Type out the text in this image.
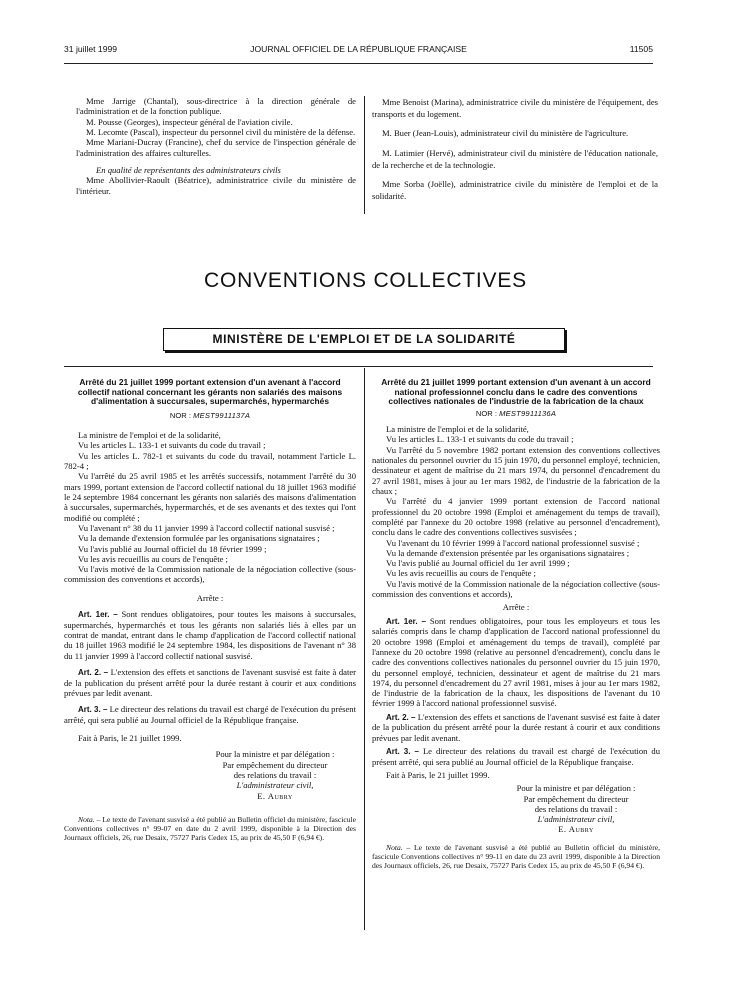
31 juillet 1999	JOURNAL OFFICIEL DE LA RÉPUBLIQUE FRANÇAISE	11505

Mme Jarrige (Chantal), sous-directrice à la direction générale de l'administration et de la fonction publique.

M. Pousse (Georges), inspecteur général de l'aviation civile.

M. Lecomte (Pascal), inspecteur du personnel civil du ministère de la défense.

Mme Mariani-Ducray (Francine), chef du service de l'inspection générale de l'administration des affaires culturelles.

En qualité de représentants des administrateurs civils

Mme Abollivier-Raoult (Béatrice), administratrice civile du ministère de l'intérieur.

Mme Benoist (Marina), administratrice civile du ministère de l'équipement, des transports et du logement.

M. Buer (Jean-Louis), administrateur civil du ministère de l'agriculture.

M. Latimier (Hervé), administrateur civil du ministère de l'éducation nationale, de la recherche et de la technologie.

Mme Sorba (Joëlle), administratrice civile du ministère de l'emploi et de la solidarité.

CONVENTIONS COLLECTIVES
MINISTÈRE DE L'EMPLOI ET DE LA SOLIDARITÉ
Arrêté du 21 juillet 1999 portant extension d'un avenant à l'accord collectif national concernant les gérants non salariés des maisons d'alimentation à succursales, supermarchés, hypermarchés
NOR : MEST9911137A

La ministre de l'emploi et de la solidarité,

Vu les articles L. 133-1 et suivants du code du travail ;

Vu les articles L. 782-1 et suivants du code du travail, notamment l'article L. 782-4 ;

Vu l'arrêté du 25 avril 1985 et les arrêtés successifs, notamment l'arrêté du 30 mars 1999, portant extension de l'accord collectif national du 18 juillet 1963 modifié le 24 septembre 1984 concernant les gérants non salariés des maisons d'alimentation à succursales, supermarchés, hypermarchés, et de ses avenants et des textes qui l'ont modifié ou complété ;

Vu l'avenant n° 38 du 11 janvier 1999 à l'accord collectif national susvisé ;

Vu la demande d'extension formulée par les organisations signataires ;

Vu l'avis publié au Journal officiel du 18 février 1999 ;

Vu les avis recueillis au cours de l'enquête ;

Vu l'avis motivé de la Commission nationale de la négociation collective (sous-commission des conventions et accords),

Arrête :

Art. 1er. – Sont rendues obligatoires, pour toutes les maisons à succursales, supermarchés, hypermarchés et tous les gérants non salariés liés à elles par un contrat de mandat, entrant dans le champ d'application de l'accord collectif national du 18 juillet 1963 modifié le 24 septembre 1984, les dispositions de l'avenant n° 38 du 11 janvier 1999 à l'accord collectif national susvisé.

Art. 2. – L'extension des effets et sanctions de l'avenant susvisé est faite à dater de la publication du présent arrêté pour la durée restant à courir et aux conditions prévues par ledit avenant.

Art. 3. – Le directeur des relations du travail est chargé de l'exécution du présent arrêté, qui sera publié au Journal officiel de la République française.

Fait à Paris, le 21 juillet 1999.

Pour la ministre et par délégation :
Par empêchement du directeur
des relations du travail :
L'administrateur civil,
E. Aubry

Nota. – Le texte de l'avenant susvisé a été publié au Bulletin officiel du ministère, fascicule Conventions collectives n° 99-07 en date du 2 avril 1999, disponible à la Direction des Journaux officiels, 26, rue Desaix, 75727 Paris Cedex 15, au prix de 45,50 F (6,94 €).

Arrêté du 21 juillet 1999 portant extension d'un avenant à un accord national professionnel conclu dans le cadre des conventions collectives nationales de l'industrie de la fabrication de la chaux
NOR : MEST9911136A

La ministre de l'emploi et de la solidarité,

Vu les articles L. 133-1 et suivants du code du travail ;

Vu l'arrêté du 5 novembre 1982 portant extension des conventions collectives nationales du personnel ouvrier du 15 juin 1970, du personnel employé, technicien, dessinateur et agent de maîtrise du 21 mars 1974, du personnel d'encadrement du 27 avril 1981, mises à jour au 1er mars 1982, de l'industrie de la fabrication de la chaux ;

Vu l'arrêté du 4 janvier 1999 portant extension de l'accord national professionnel du 20 octobre 1998 (Emploi et aménagement du temps de travail), complété par l'annexe du 20 octobre 1998 (relative au personnel d'encadrement), conclu dans le cadre des conventions collectives susvisées ;

Vu l'avenant du 10 février 1999 à l'accord national professionnel susvisé ;

Vu la demande d'extension présentée par les organisations signataires ;

Vu l'avis publié au Journal officiel du 1er avril 1999 ;

Vu les avis recueillis au cours de l'enquête ;

Vu l'avis motivé de la Commission nationale de la négociation collective (sous-commission des conventions et accords),

Arrête :

Art. 1er. – Sont rendues obligatoires, pour tous les employeurs et tous les salariés compris dans le champ d'application de l'accord national professionnel du 20 octobre 1998 (Emploi et aménagement du temps de travail), complété par l'annexe du 20 octobre 1998 (relative au personnel d'encadrement), conclu dans le cadre des conventions collectives nationales du personnel ouvrier du 15 juin 1970, du personnel employé, technicien, dessinateur et agent de maîtrise du 21 mars 1974, du personnel d'encadrement du 27 avril 1981, mises à jour au 1er mars 1982, de l'industrie de la fabrication de la chaux, les dispositions de l'avenant du 10 février 1999 à l'accord national professionnel susvisé.

Art. 2. – L'extension des effets et sanctions de l'avenant susvisé est faite à dater de la publication du présent arrêté pour la durée restant à courir et aux conditions prévues par ledit avenant.

Art. 3. – Le directeur des relations du travail est chargé de l'exécution du présent arrêté, qui sera publié au Journal officiel de la République française.

Fait à Paris, le 21 juillet 1999.

Pour la ministre et par délégation :
Par empêchement du directeur
des relations du travail :
L'administrateur civil,
E. Aubry

Nota. – Le texte de l'avenant susvisé a été publié au Bulletin officiel du ministère, fascicule Conventions collectives n° 99-11 en date du 23 avril 1999, disponible à la Direction des Journaux officiels, 26, rue Desaix, 75727 Paris Cedex 15, au prix de 45,50 F (6,94 €).
